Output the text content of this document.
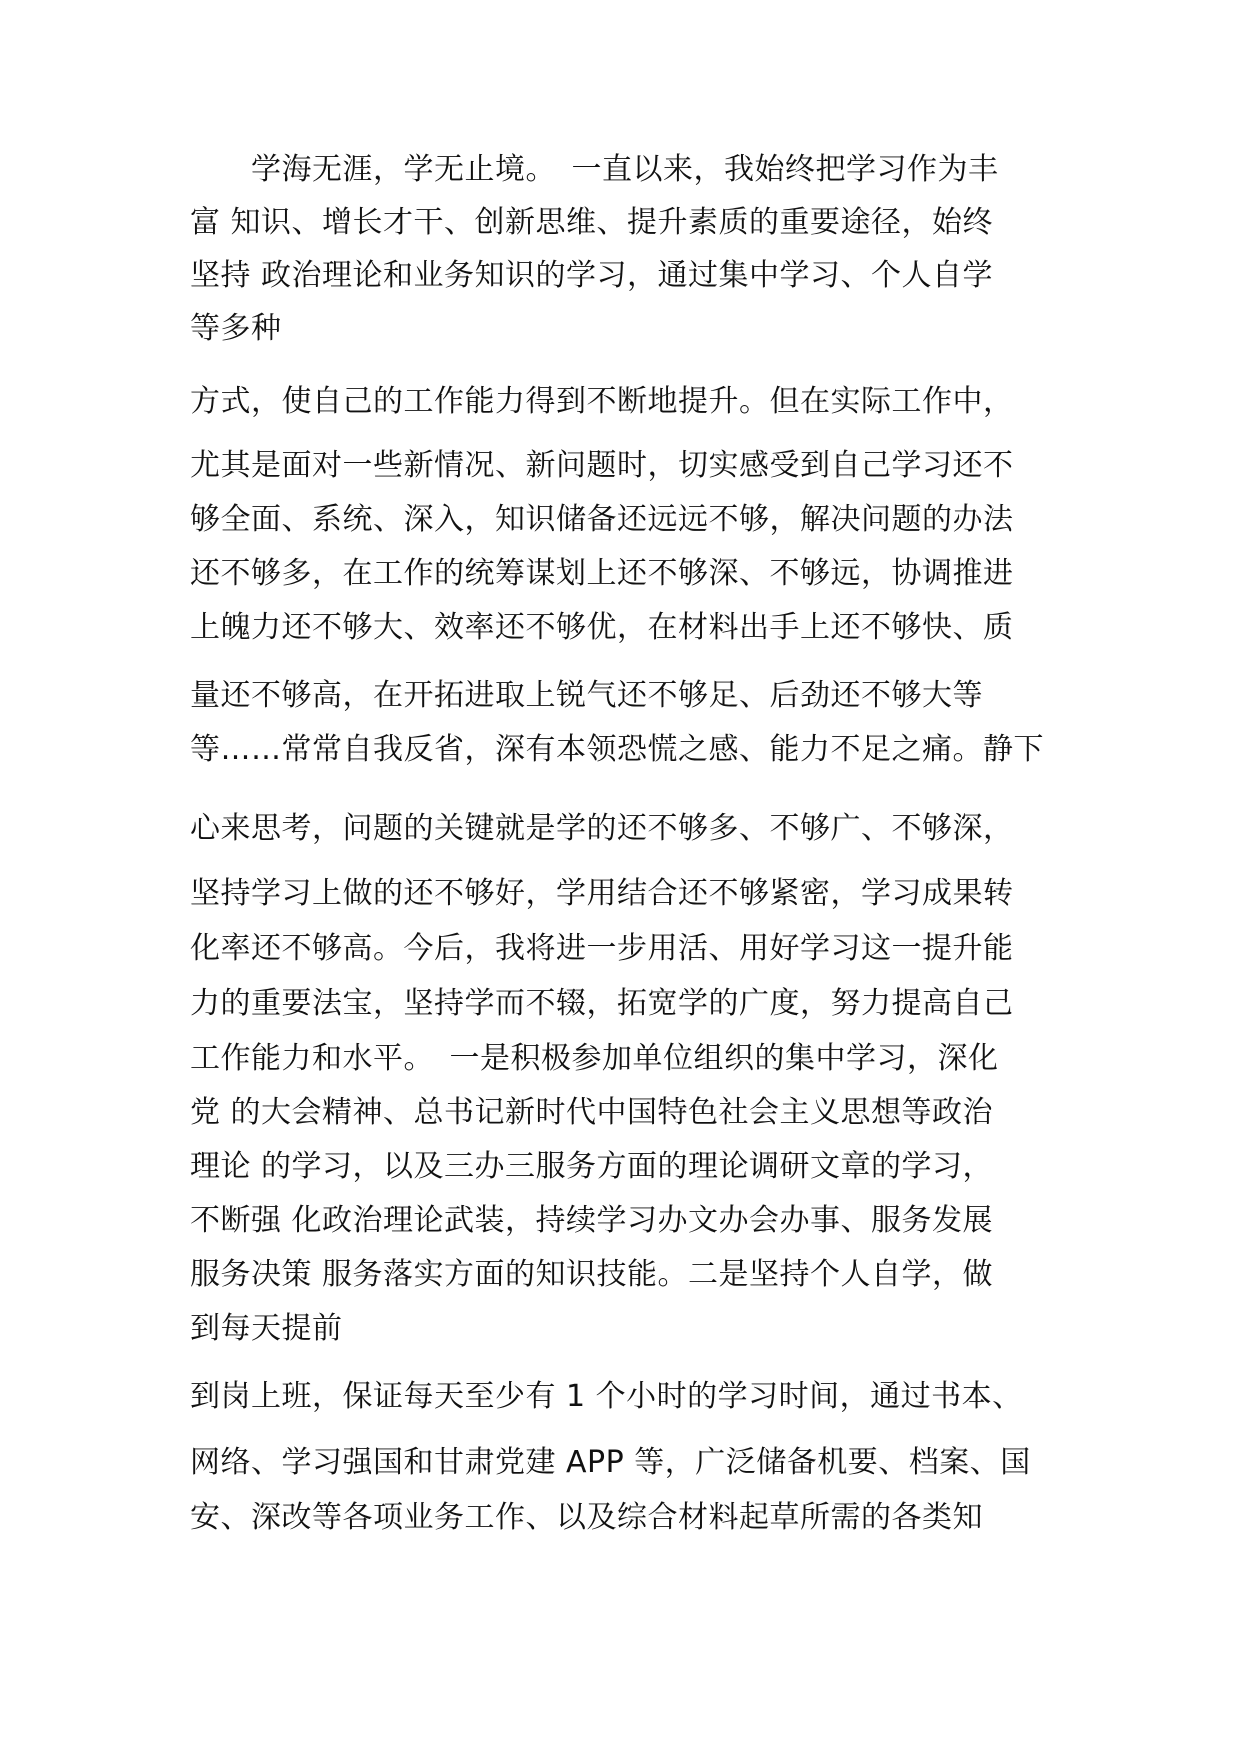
　　学海无涯，学无止境。　一直以来，我始终把学习作为丰
富 知识、增长才干、创新思维、提升素质的重要途径，始终
坚持 政治理论和业务知识的学习，通过集中学习、个人自学
等多种
方式，使自己的工作能力得到不断地提升。但在实际工作中，
尤其是面对一些新情况、新问题时，切实感受到自己学习还不
够全面、系统、深入，知识储备还远远不够，解决问题的办法
还不够多，在工作的统筹谋划上还不够深、不够远，协调推进
上魄力还不够大、效率还不够优，在材料出手上还不够快、质
量还不够高，在开拓进取上锐气还不够足、后劲还不够大等
等……常常自我反省，深有本领恐慌之感、能力不足之痛。静下
心来思考，问题的关键就是学的还不够多、不够广、不够深，
坚持学习上做的还不够好，学用结合还不够紧密，学习成果转
化率还不够高。今后，我将进一步用活、用好学习这一提升能
力的重要法宝，坚持学而不辍，拓宽学的广度，努力提高自己
工作能力和水平。　一是积极参加单位组织的集中学习，深化
党 的大会精神、总书记新时代中国特色社会主义思想等政治
理论 的学习，以及三办三服务方面的理论调研文章的学习，
不断强 化政治理论武装，持续学习办文办会办事、服务发展
服务决策 服务落实方面的知识技能。二是坚持个人自学，做
到每天提前
到岗上班，保证每天至少有 1 个小时的学习时间，通过书本、
网络、学习强国和甘肃党建 APP 等，广泛储备机要、档案、国
安、深改等各项业务工作、以及综合材料起草所需的各类知
